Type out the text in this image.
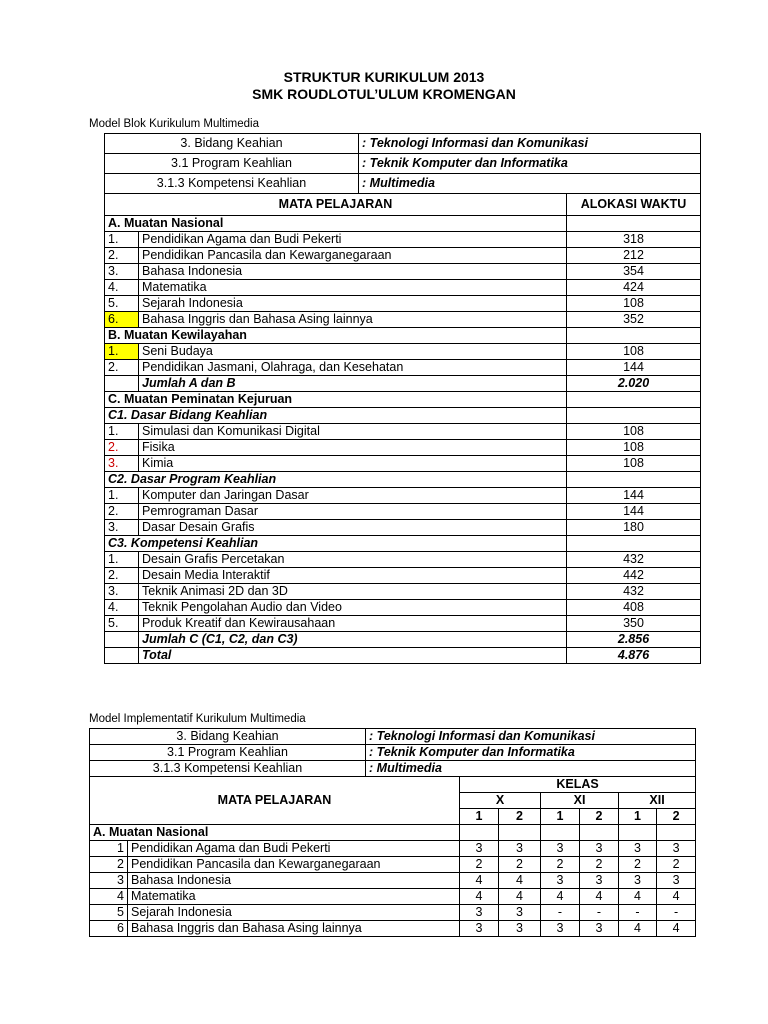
STRUKTUR KURIKULUM 2013
SMK ROUDLOTUL’ULUM KROMENGAN
Model Blok Kurikulum Multimedia
3. Bidang Keahian		: Teknologi Informasi dan Komunikasi	
3.1 Program Keahlian		: Teknik Komputer dan Informatika	
3.1.3 Kompetensi Keahlian		: Multimedia	
MATA PELAJARAN			ALOKASI WAKTU
A. Muatan Nasional			
1.	Pendidikan Agama dan Budi Pekerti		318
2.	Pendidikan Pancasila dan Kewarganegaraan		212
3.	Bahasa Indonesia		354
4.	Matematika		424
5.	Sejarah Indonesia		108
6.	Bahasa Inggris dan Bahasa Asing lainnya		352
B. Muatan Kewilayahan			
1.	Seni Budaya		108
2.	Pendidikan Jasmani, Olahraga, dan Kesehatan		144
	Jumlah A dan B		2.020
C. Muatan Peminatan Kejuruan			
C1. Dasar Bidang Keahlian			
1.	Simulasi dan Komunikasi Digital		108
2.	Fisika		108
3.	Kimia		108
C2. Dasar Program Keahlian			
1.	Komputer dan Jaringan Dasar		144
2.	Pemrograman Dasar		144
3.	Dasar Desain Grafis		180
C3. Kompetensi Keahlian			
1.	Desain Grafis Percetakan		432
2.	Desain Media Interaktif		442
3.	Teknik Animasi 2D dan 3D		432
4.	Teknik Pengolahan Audio dan Video		408
5.	Produk Kreatif dan Kewirausahaan		350
	Jumlah C (C1, C2, dan C3)		2.856
	Total		4.876
Model Implementatif Kurikulum Multimedia
3. Bidang Keahian		: Teknologi Informasi dan Komunikasi						
3.1 Program Keahlian		: Teknik Komputer dan Informatika						
3.1.3 Kompetensi Keahlian		: Multimedia						
MATA PELAJARAN			KELAS					
			X		XI		XII	
			1	2	1	2	1	2
A. Muatan Nasional								
1	Pendidikan Agama dan Budi Pekerti		3	3	3	3	3	3
2	Pendidikan Pancasila dan Kewarganegaraan		2	2	2	2	2	2
3	Bahasa Indonesia		4	4	3	3	3	3
4	Matematika		4	4	4	4	4	4
5	Sejarah Indonesia		3	3	-	-	-	-
6	Bahasa Inggris dan Bahasa Asing lainnya		3	3	3	3	4	4
